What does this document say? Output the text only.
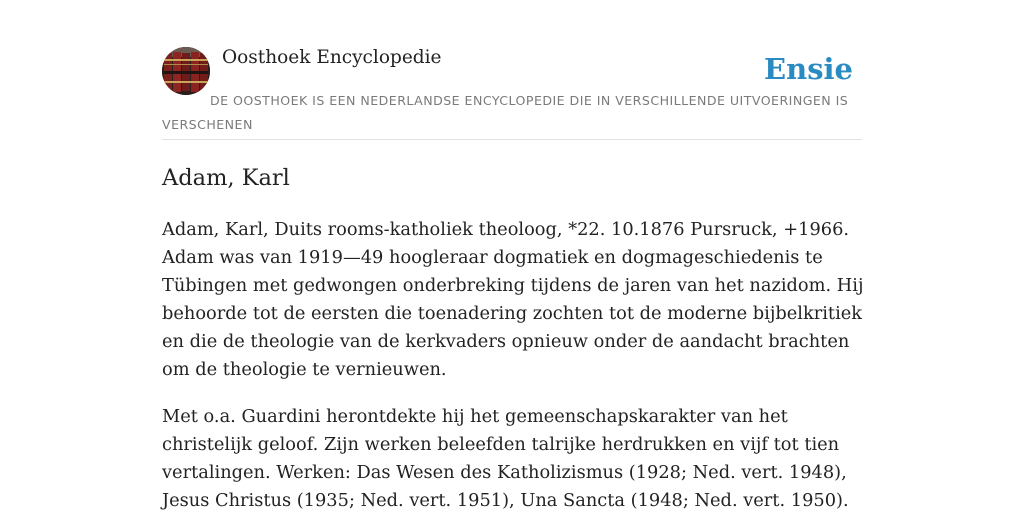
Oosthoek Encyclopedie	Ensie
DE OOSTHOEK IS EEN NEDERLANDSE ENCYCLOPEDIE DIE IN VERSCHILLENDE UITVOERINGEN IS VERSCHENEN
Adam, Karl

Adam, Karl, Duits rooms-katholiek theoloog, *22. 10.1876 Pursruck, +1966. Adam was van 1919—49 hoogleraar dogmatiek en dogmageschiedenis te Tübingen met gedwongen onderbreking tijdens de jaren van het nazidom. Hij behoorde tot de eersten die toenadering zochten tot de moderne bijbelkritiek en die de theologie van de kerkvaders opnieuw onder de aandacht brachten om de theologie te vernieuwen.

Met o.a. Guardini herontdekte hij het gemeenschapskarakter van het christelijk geloof. Zijn werken beleefden talrijke herdrukken en vijf tot tien vertalingen. Werken: Das Wesen des Katholizismus (1928; Ned. vert. 1948), Jesus Christus (1935; Ned. vert. 1951), Una Sancta (1948; Ned. vert. 1950).
